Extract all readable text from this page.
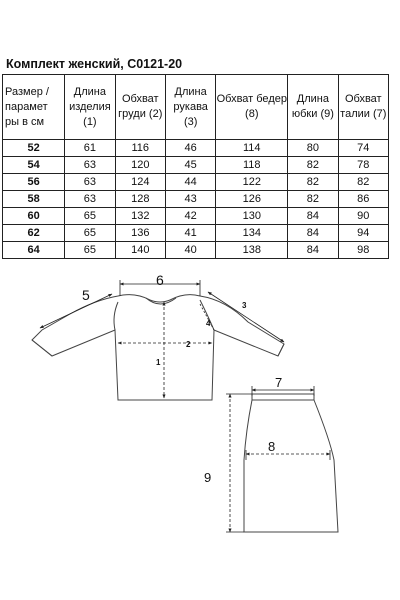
Комплект женский, С0121-20
Размер / парамет ры в см	Длина изделия (1)	Обхват груди (2)	Длина рукава (3)	Обхват бедер (8)	Длина юбки (9)	Обхват талии (7)
52	61	116	46	114	80	74
54	63	120	45	118	82	78
56	63	124	44	122	82	82
58	63	128	43	126	82	86
60	65	132	42	130	84	90
62	65	136	41	134	84	94
64	65	140	40	138	84	98
5
6
3
4
2
1
7
8
9
